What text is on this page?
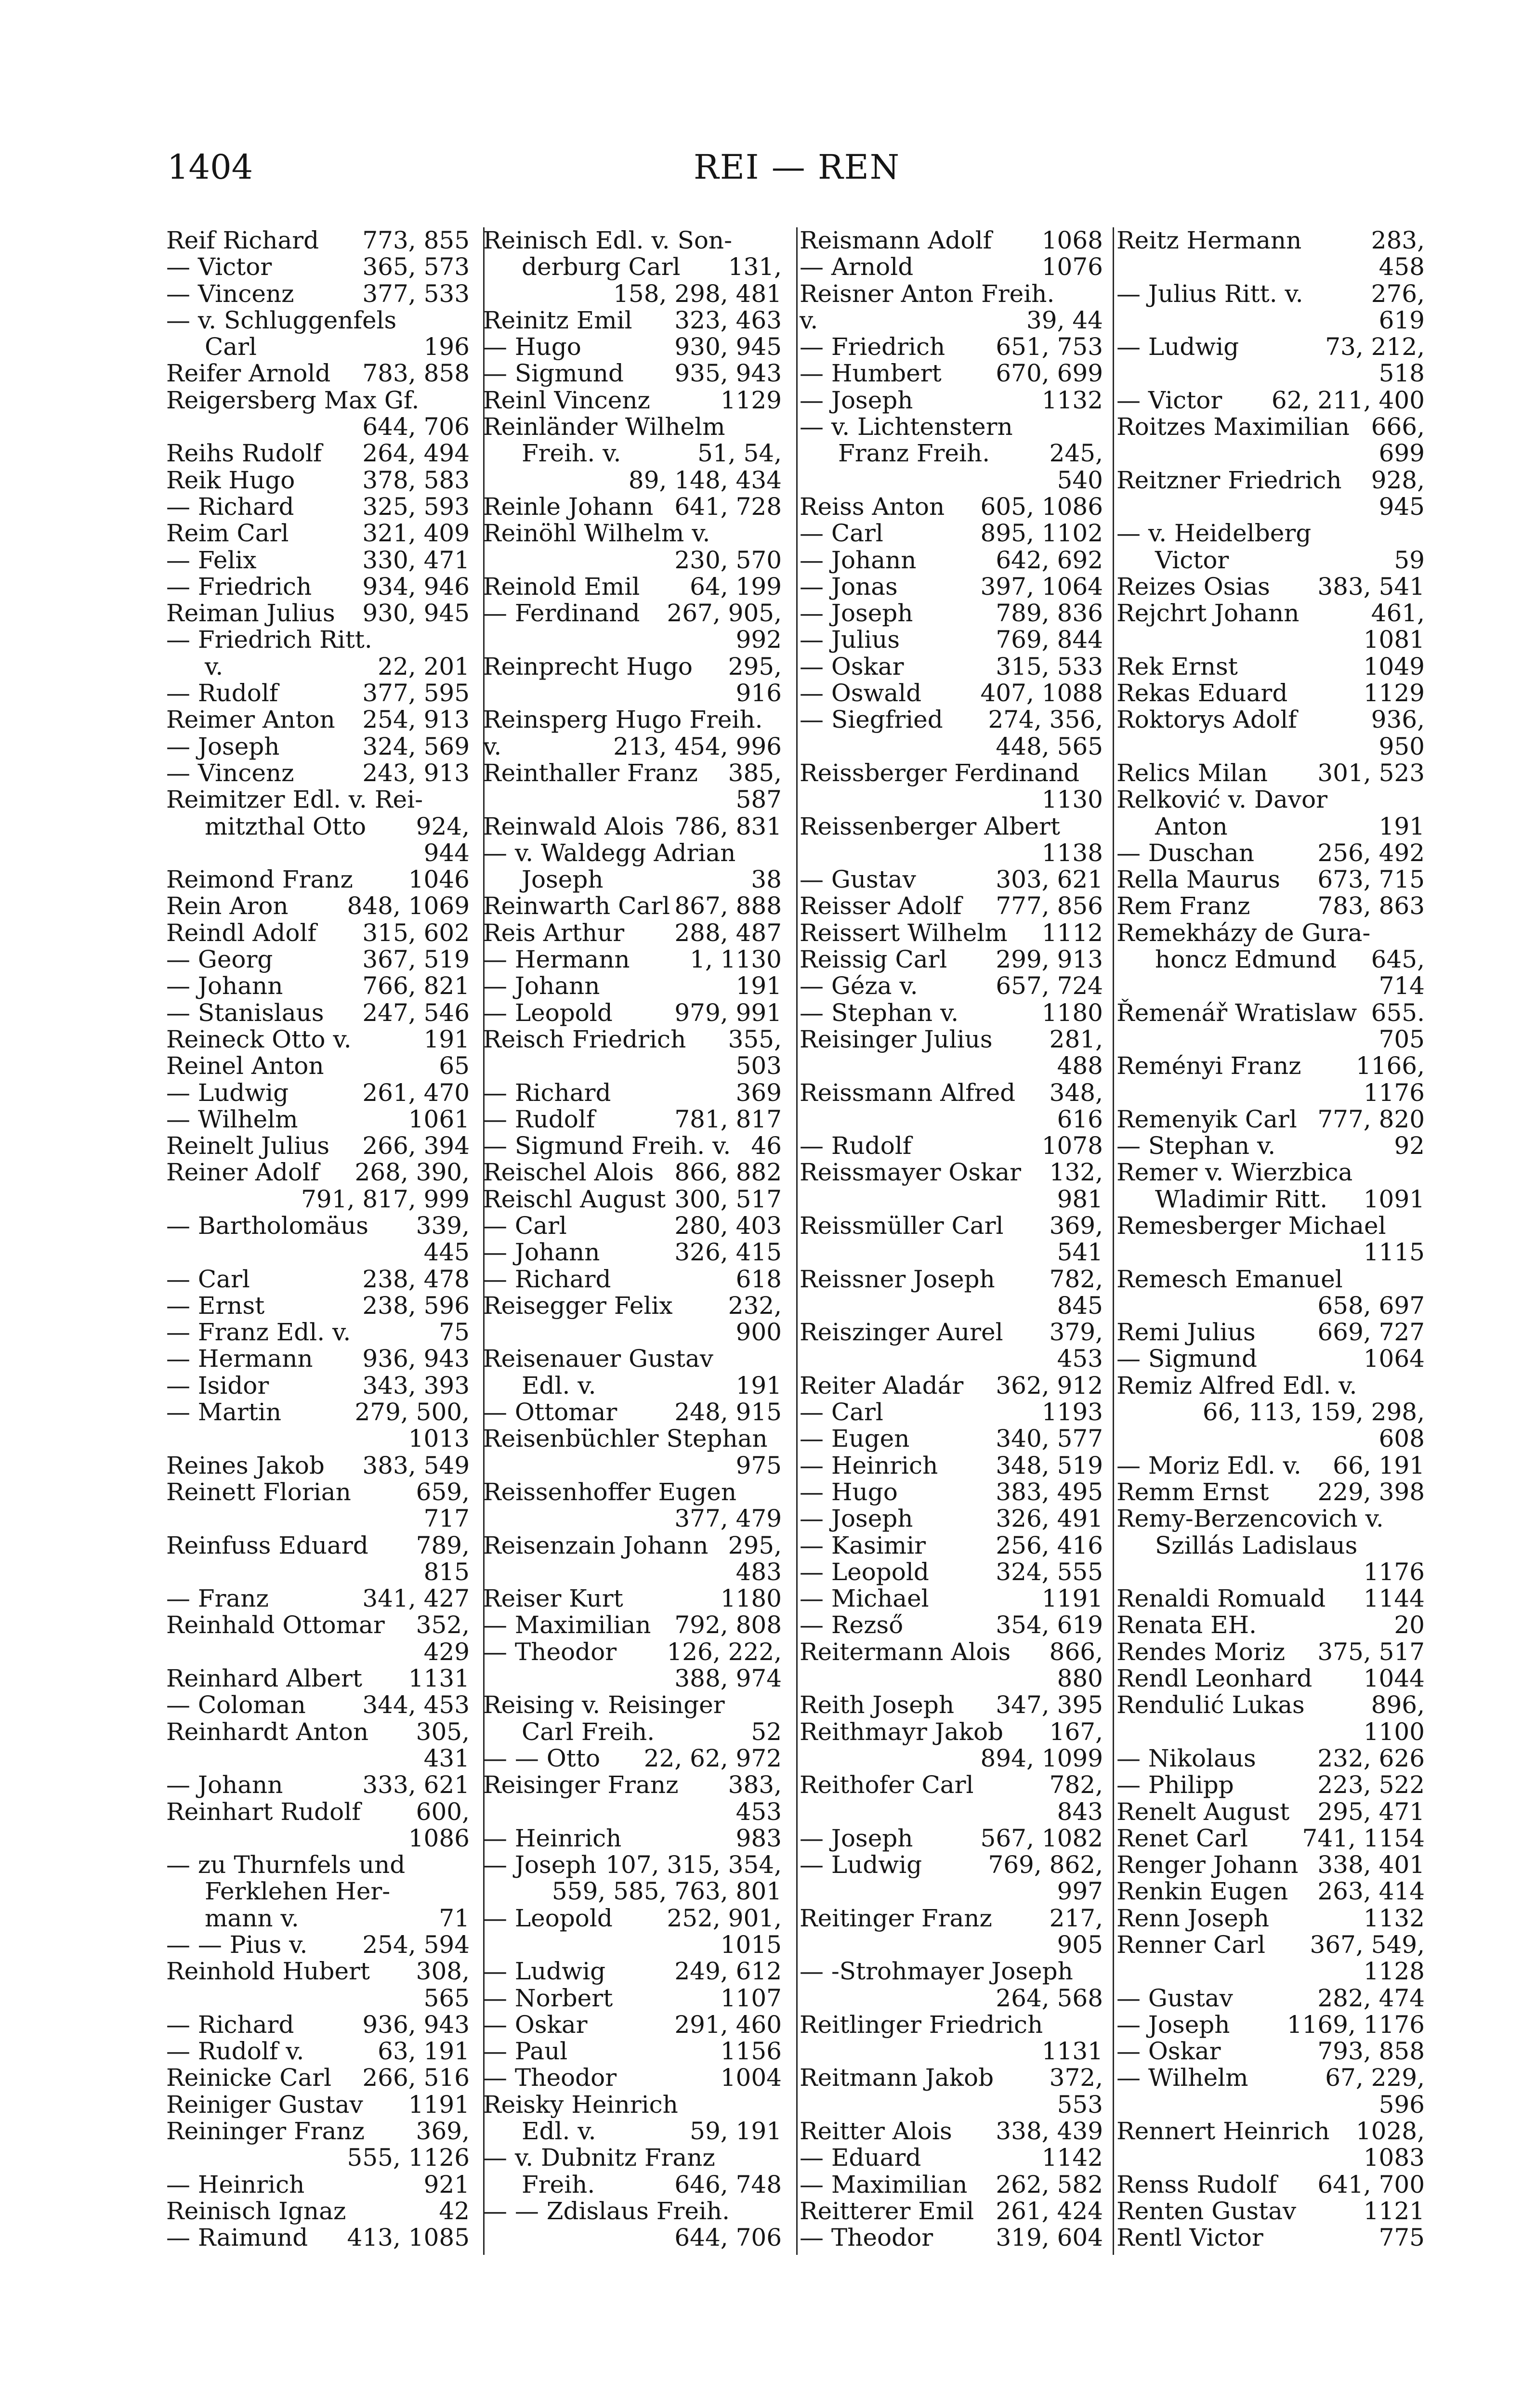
1404	REI — REN
Reif Richard	773, 855
— Victor	365, 573
— Vincenz	377, 533
— v. Schluggenfels
Carl	196
Reifer Arnold	783, 858
Reigersberg Max Gf.
644, 706
Reihs Rudolf	264, 494
Reik Hugo	378, 583
— Richard	325, 593
Reim Carl	321, 409
— Felix	330, 471
— Friedrich	934, 946
Reiman Julius	930, 945
— Friedrich Ritt.
v.	22, 201
— Rudolf	377, 595
Reimer Anton	254, 913
— Joseph	324, 569
— Vincenz	243, 913
Reimitzer Edl. v. Rei-
mitzthal Otto	924,
944
Reimond Franz	1046
Rein Aron	848, 1069
Reindl Adolf	315, 602
— Georg	367, 519
— Johann	766, 821
— Stanislaus	247, 546
Reineck Otto v.	191
Reinel Anton	65
— Ludwig	261, 470
— Wilhelm	1061
Reinelt Julius	266, 394
Reiner Adolf	268, 390,
791, 817, 999
— Bartholomäus	339,
445
— Carl	238, 478
— Ernst	238, 596
— Franz Edl. v.	75
— Hermann	936, 943
— Isidor	343, 393
— Martin	279, 500,
1013
Reines Jakob	383, 549
Reinett Florian	659,
717
Reinfuss Eduard	789,
815
— Franz	341, 427
Reinhald Ottomar	352,
429
Reinhard Albert	1131
— Coloman	344, 453
Reinhardt Anton	305,
431
— Johann	333, 621
Reinhart Rudolf	600,
1086
— zu Thurnfels und
Ferklehen Her-
mann v.	71
— — Pius v.	254, 594
Reinhold Hubert	308,
565
— Richard	936, 943
— Rudolf v.	63, 191
Reinicke Carl	266, 516
Reiniger Gustav	1191
Reininger Franz	369,
555, 1126
— Heinrich	921
Reinisch Ignaz	42
— Raimund	413, 1085
Reinisch Edl. v. Son-
derburg Carl	131,
158, 298, 481
Reinitz Emil	323, 463
— Hugo	930, 945
— Sigmund	935, 943
Reinl Vincenz	1129
Reinländer Wilhelm
Freih. v.	51, 54,
89, 148, 434
Reinle Johann 641, 728
Reinöhl Wilhelm v.
230, 570
Reinold Emil	64, 199
— Ferdinand	267, 905,
992
Reinprecht Hugo	295,
916
Reinsperg Hugo Freih.
v.	213, 454, 996
Reinthaller Franz	385,
587
Reinwald Alois 786, 831
— v. Waldegg Adrian
Joseph	38
Reinwarth Carl 867, 888
Reis Arthur	288, 487
— Hermann	1, 1130
— Johann	191
— Leopold	979, 991
Reisch Friedrich	355,
503
— Richard	369
— Rudolf	781, 817
— Sigmund Freih. v. 46
Reischel Alois 866, 882
Reischl August 300, 517
— Carl	280, 403
— Johann	326, 415
— Richard	618
Reisegger Felix	232,
900
Reisenauer Gustav
Edl. v.	191
— Ottomar	248, 915
Reisenbüchler Stephan
975
Reissenhoffer Eugen
377, 479
Reisenzain Johann 295,
483
Reiser Kurt	1180
— Maximilian 792, 808
— Theodor	126, 222,
388, 974
Reising v. Reisinger
Carl Freih.	52
— — Otto	22, 62, 972
Reisinger Franz	383,
453
— Heinrich	983
— Joseph 107, 315, 354,
559, 585, 763, 801
— Leopold	252, 901,
1015
— Ludwig	249, 612
— Norbert	1107
— Oskar	291, 460
— Paul	1156
— Theodor	1004
Reisky Heinrich
Edl. v.	59, 191
— v. Dubnitz Franz
Freih.	646, 748
— — Zdislaus Freih.
644, 706
Reismann Adolf	1068
— Arnold	1076
Reisner Anton Freih.
v.	39, 44
— Friedrich	651, 753
— Humbert	670, 699
— Joseph	1132
— v. Lichtenstern
Franz Freih.	245,
540
Reiss Anton	605, 1086
— Carl	895, 1102
— Johann	642, 692
— Jonas	397, 1064
— Joseph	789, 836
— Julius	769, 844
— Oskar	315, 533
— Oswald	407, 1088
— Siegfried	274, 356,
448, 565
Reissberger Ferdinand
1130
Reissenberger Albert
1138
— Gustav	303, 621
Reisser Adolf	777, 856
Reissert Wilhelm	1112
Reissig Carl	299, 913
— Géza v.	657, 724
— Stephan v.	1180
Reisinger Julius	281,
488
Reissmann Alfred	348,
616
— Rudolf	1078
Reissmayer Oskar	132,
981
Reissmüller Carl	369,
541
Reissner Joseph	782,
845
Reiszinger Aurel	379,
453
Reiter Aladár	362, 912
— Carl	1193
— Eugen	340, 577
— Heinrich	348, 519
— Hugo	383, 495
— Joseph	326, 491
— Kasimir	256, 416
— Leopold	324, 555
— Michael	1191
— Rezső	354, 619
Reitermann Alois	866,
880
Reith Joseph	347, 395
Reithmayr Jakob	167,
894, 1099
Reithofer Carl	782,
843
— Joseph	567, 1082
— Ludwig	769, 862,
997
Reitinger Franz	217,
905
— -Strohmayer Joseph
264, 568
Reitlinger Friedrich
1131
Reitmann Jakob	372,
553
Reitter Alois	338, 439
— Eduard	1142
— Maximilian	262, 582
Reitterer Emil 261, 424
— Theodor	319, 604
Reitz Hermann	283,
458
— Julius Ritt. v.	276,
619
— Ludwig	73, 212,
518
— Victor	62, 211, 400
Roitzes Maximilian 666,
699
Reitzner Friedrich	928,
945
— v. Heidelberg
Victor	59
Reizes Osias	383, 541
Rejchrt Johann	461,
1081
Rek Ernst	1049
Rekas Eduard	1129
Roktorys Adolf	936,
950
Relics Milan	301, 523
Relković v. Davor
Anton	191
— Duschan	256, 492
Rella Maurus	673, 715
Rem Franz	783, 863
Remekházy de Gura-
honcz Edmund	645,
714
Řemenář Wratislaw 655.
705
Reményi Franz	1166,
1176
Remenyik Carl 777, 820
— Stephan v.	92
Remer v. Wierzbica
Wladimir Ritt.	1091
Remesberger Michael
1115
Remesch Emanuel
658, 697
Remi Julius	669, 727
— Sigmund	1064
Remiz Alfred Edl. v.
66, 113, 159, 298,
608
— Moriz Edl. v.	66, 191
Remm Ernst	229, 398
Remy-Berzencovich v.
Szillás Ladislaus
1176
Renaldi Romuald	1144
Renata EH.	20
Rendes Moriz	375, 517
Rendl Leonhard	1044
Rendulić Lukas	896,
1100
— Nikolaus	232, 626
— Philipp	223, 522
Renelt August	295, 471
Renet Carl	741, 1154
Renger Johann 338, 401
Renkin Eugen	263, 414
Renn Joseph	1132
Renner Carl	367, 549,
1128
— Gustav	282, 474
— Joseph	1169, 1176
— Oskar	793, 858
— Wilhelm	67, 229,
596
Rennert Heinrich	1028,
1083
Renss Rudolf	641, 700
Renten Gustav	1121
Rentl Victor	775
